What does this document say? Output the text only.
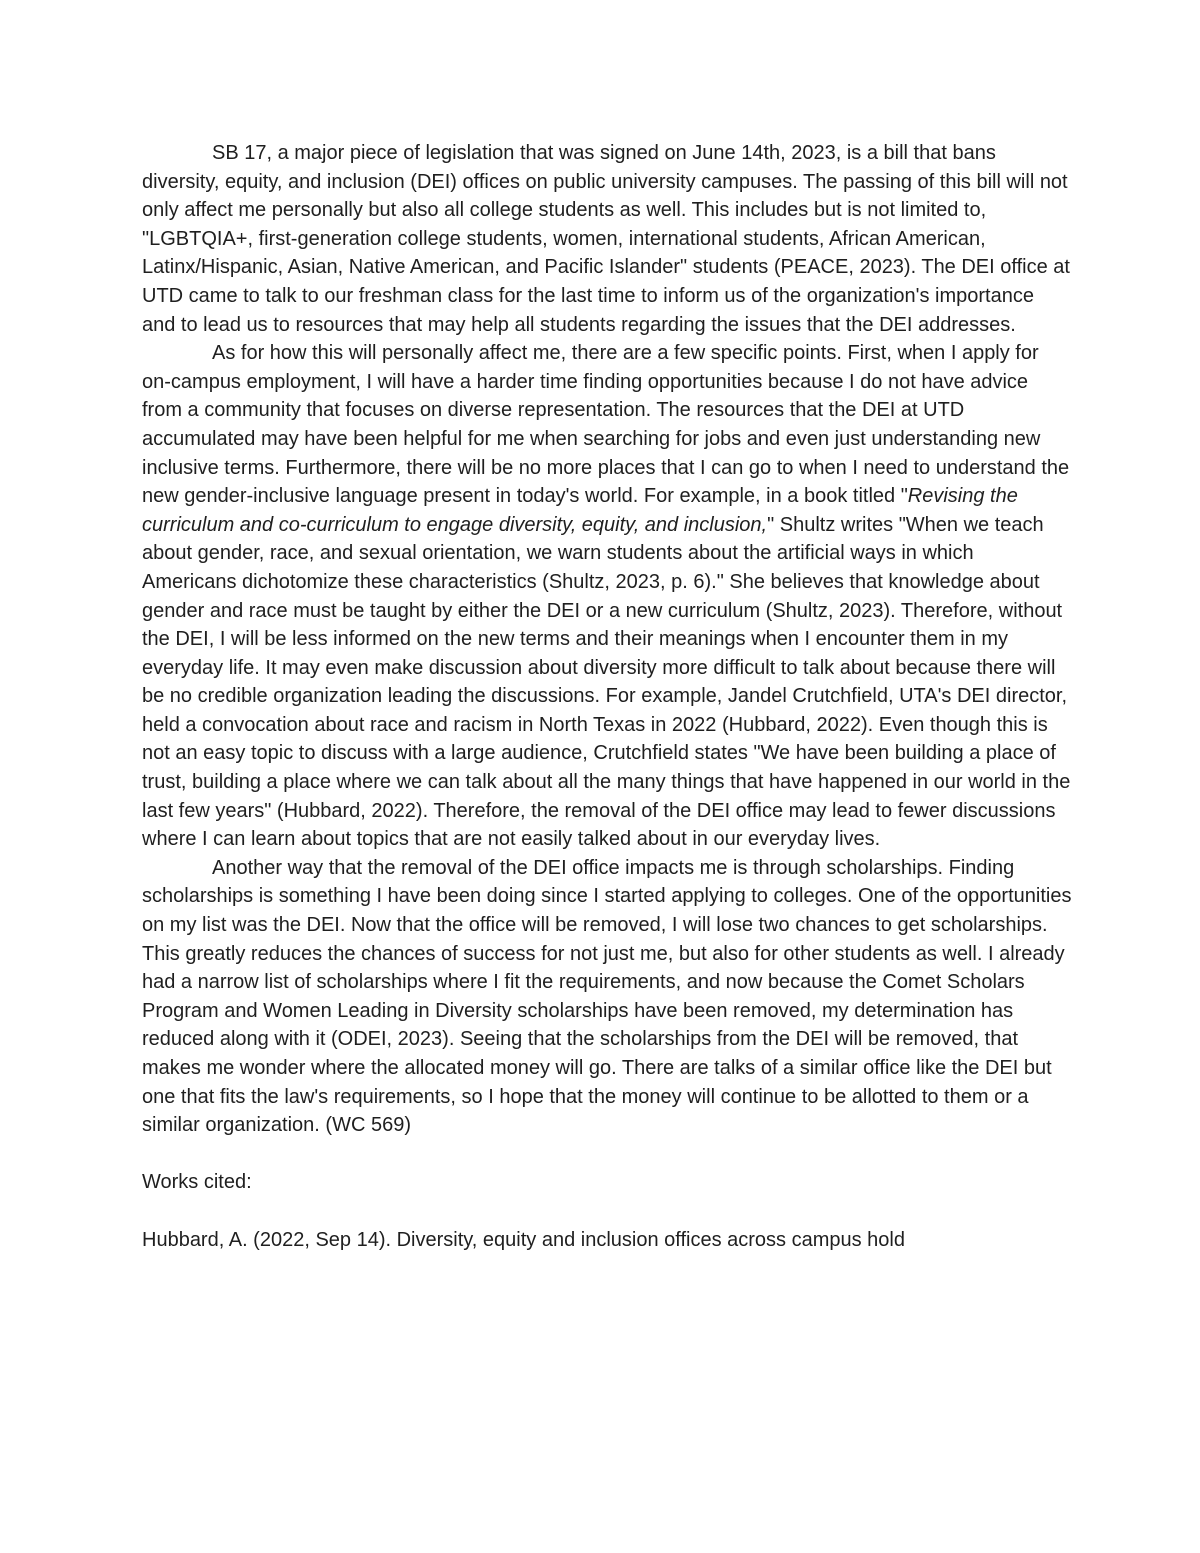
SB 17, a major piece of legislation that was signed on June 14th, 2023, is a bill that bans diversity, equity, and inclusion (DEI) offices on public university campuses. The passing of this bill will not only affect me personally but also all college students as well. This includes but is not limited to, "LGBTQIA+, first-generation college students, women, international students, African American, Latinx/Hispanic, Asian, Native American, and Pacific Islander" students (PEACE, 2023). The DEI office at UTD came to talk to our freshman class for the last time to inform us of the organization's importance and to lead us to resources that may help all students regarding the issues that the DEI addresses.

As for how this will personally affect me, there are a few specific points. First, when I apply for on-campus employment, I will have a harder time finding opportunities because I do not have advice from a community that focuses on diverse representation. The resources that the DEI at UTD accumulated may have been helpful for me when searching for jobs and even just understanding new inclusive terms. Furthermore, there will be no more places that I can go to when I need to understand the new gender-inclusive language present in today's world. For example, in a book titled "Revising the curriculum and co-curriculum to engage diversity, equity, and inclusion," Shultz writes "When we teach about gender, race, and sexual orientation, we warn students about the artificial ways in which Americans dichotomize these characteristics (Shultz, 2023, p. 6)." She believes that knowledge about gender and race must be taught by either the DEI or a new curriculum (Shultz, 2023). Therefore, without the DEI, I will be less informed on the new terms and their meanings when I encounter them in my everyday life. It may even make discussion about diversity more difficult to talk about because there will be no credible organization leading the discussions. For example, Jandel Crutchfield, UTA's DEI director, held a convocation about race and racism in North Texas in 2022 (Hubbard, 2022). Even though this is not an easy topic to discuss with a large audience, Crutchfield states "We have been building a place of trust, building a place where we can talk about all the many things that have happened in our world in the last few years" (Hubbard, 2022). Therefore, the removal of the DEI office may lead to fewer discussions where I can learn about topics that are not easily talked about in our everyday lives.

Another way that the removal of the DEI office impacts me is through scholarships. Finding scholarships is something I have been doing since I started applying to colleges. One of the opportunities on my list was the DEI. Now that the office will be removed, I will lose two chances to get scholarships. This greatly reduces the chances of success for not just me, but also for other students as well. I already had a narrow list of scholarships where I fit the requirements, and now because the Comet Scholars Program and Women Leading in Diversity scholarships have been removed, my determination has reduced along with it (ODEI, 2023). Seeing that the scholarships from the DEI will be removed, that makes me wonder where the allocated money will go. There are talks of a similar office like the DEI but one that fits the law's requirements, so I hope that the money will continue to be allotted to them or a similar organization. (WC 569)

Works cited:

Hubbard, A. (2022, Sep 14). Diversity, equity and inclusion offices across campus hold
